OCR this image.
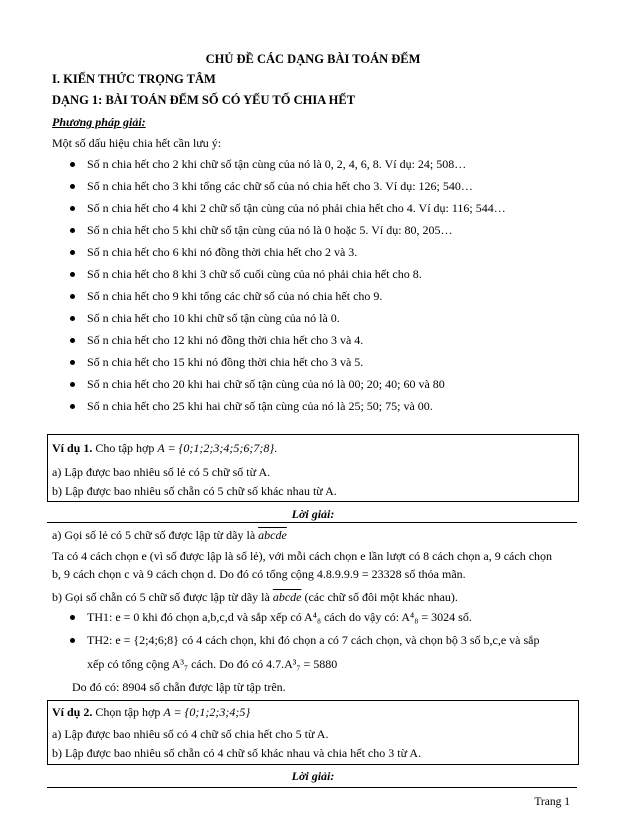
CHỦ ĐỀ CÁC DẠNG BÀI TOÁN ĐẾM
I. KIẾN THỨC TRỌNG TÂM
DẠNG 1: BÀI TOÁN ĐẾM SỐ CÓ YẾU TỐ CHIA HẾT
Phương pháp giải:
Một số dấu hiệu chia hết cần lưu ý:
Số n chia hết cho 2 khi chữ số tận cùng của nó là 0, 2, 4, 6, 8. Ví dụ: 24; 508…
Số n chia hết cho 3 khi tổng các chữ số của nó chia hết cho 3. Ví dụ: 126; 540…
Số n chia hết cho 4 khi 2 chữ số tận cùng của nó phải chia hết cho 4. Ví dụ: 116; 544…
Số n chia hết cho 5 khi chữ số tận cùng của nó là 0 hoặc 5. Ví dụ: 80, 205…
Số n chia hết cho 6 khi nó đồng thời chia hết cho 2 và 3.
Số n chia hết cho 8 khi 3 chữ số cuối cùng của nó phải chia hết cho 8.
Số n chia hết cho 9 khi tổng các chữ số của nó chia hết cho 9.
Số n chia hết cho 10 khi chữ số tận cùng của nó là 0.
Số n chia hết cho 12 khi nó đồng thời chia hết cho 3 và 4.
Số n chia hết cho 15 khi nó đồng thời chia hết cho 3 và 5.
Số n chia hết cho 20 khi hai chữ số tận cùng của nó là 00; 20; 40; 60 và 80
Số n chia hết cho 25 khi hai chữ số tận cùng của nó là 25; 50; 75; và 00.
Ví dụ 1. Cho tập hợp A = {0;1;2;3;4;5;6;7;8}.
a) Lập được bao nhiêu số lẻ có 5 chữ số từ A.
b) Lập được bao nhiêu số chẵn có 5 chữ số khác nhau từ A.
Lời giải:
a) Gọi số lẻ có 5 chữ số được lập từ dãy là abcde
Ta có 4 cách chọn e (vì số được lập là số lẻ), với mỗi cách chọn e lần lượt có 8 cách chọn a, 9 cách chọn
b, 9 cách chọn c và 9 cách chọn d. Do đó có tổng cộng 4.8.9.9.9 = 23328 số thỏa mãn.
b) Gọi số chẵn có 5 chữ số được lập từ dãy là abcde (các chữ số đôi một khác nhau).
TH1: e = 0 khi đó chọn a,b,c,d và sắp xếp có A⁴₈ cách do vậy có: A⁴₈ = 3024 số.
TH2: e = {2;4;6;8} có 4 cách chọn, khi đó chọn a có 7 cách chọn, và chọn bộ 3 số b,c,e và sắp
xếp có tổng cộng A³₇ cách. Do đó có 4.7.A³₇ = 5880
Do đó có: 8904 số chẵn được lập từ tập trên.
Ví dụ 2. Chọn tập hợp A = {0;1;2;3;4;5}
a) Lập được bao nhiêu số có 4 chữ số chia hết cho 5 từ A.
b) Lập được bao nhiêu số chẵn có 4 chữ số khác nhau và chia hết cho 3 từ A.
Lời giải:
Trang 1
